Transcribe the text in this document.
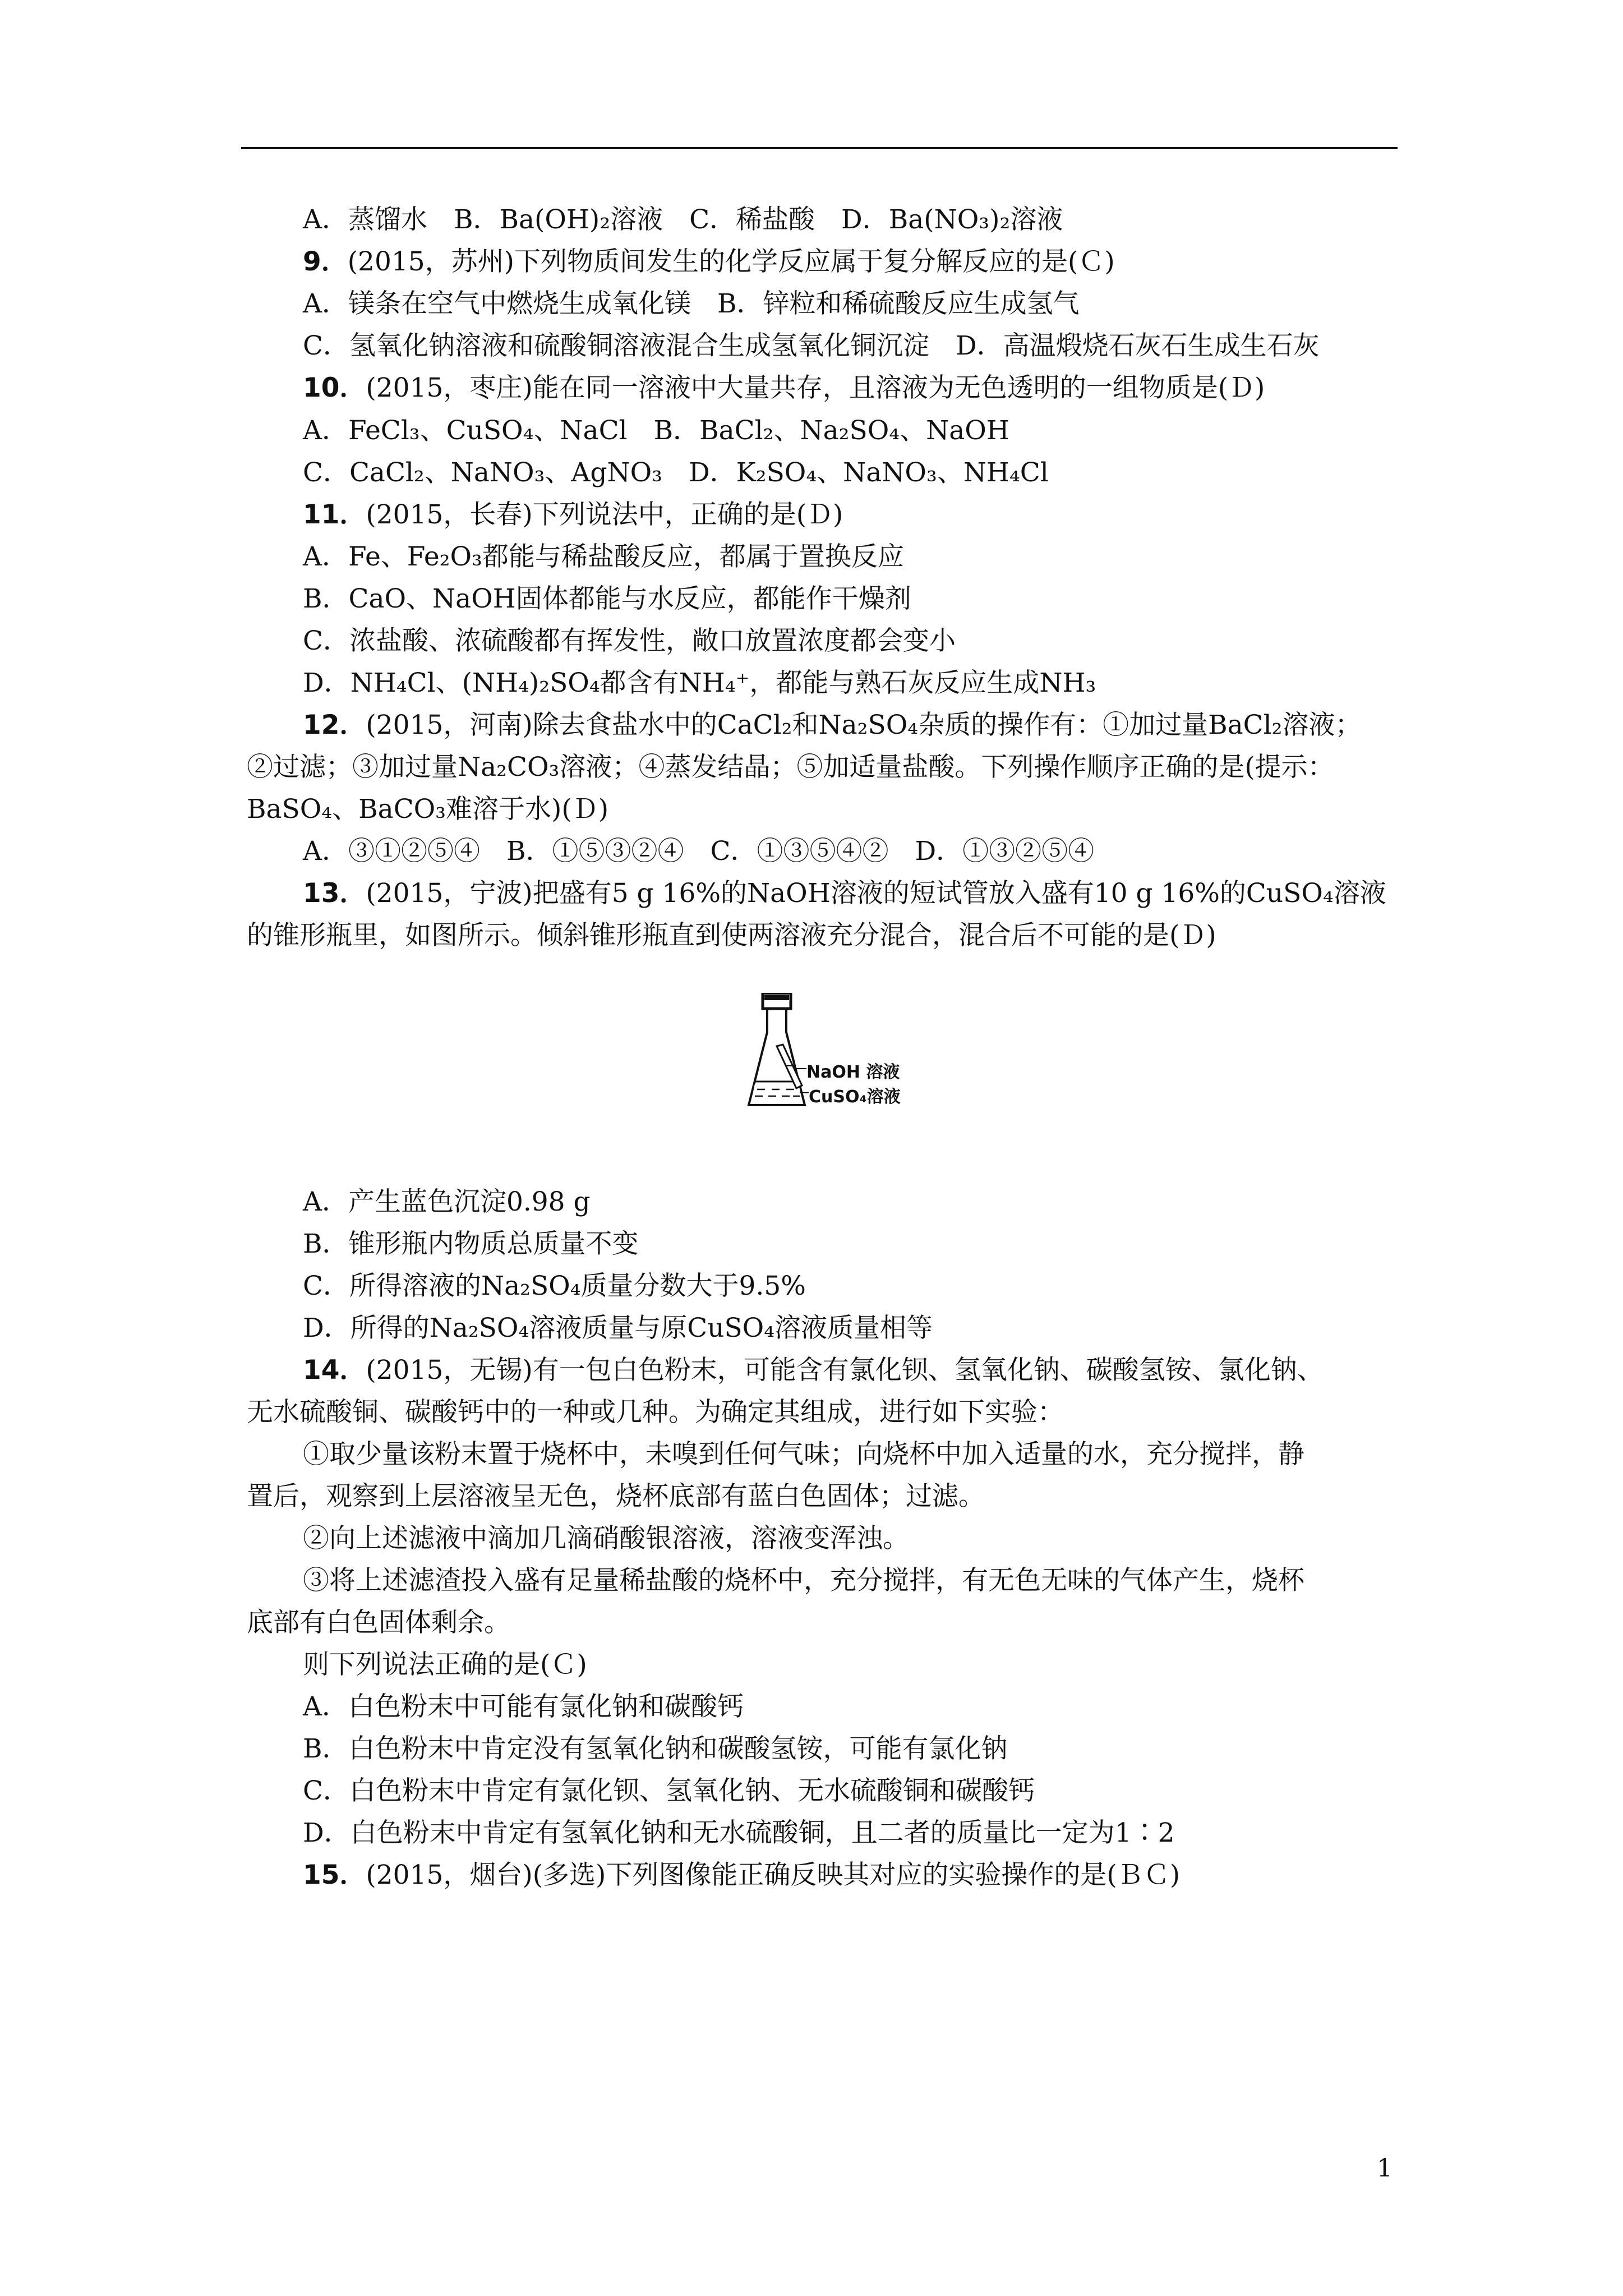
A．蒸馏水　B．Ba(OH)₂溶液　C．稀盐酸　D．Ba(NO₃)₂溶液
9．(2015，苏州)下列物质间发生的化学反应属于复分解反应的是(Ｃ)
A．镁条在空气中燃烧生成氧化镁　B．锌粒和稀硫酸反应生成氢气
C．氢氧化钠溶液和硫酸铜溶液混合生成氢氧化铜沉淀　D．高温煅烧石灰石生成生石灰
10．(2015，枣庄)能在同一溶液中大量共存，且溶液为无色透明的一组物质是(Ｄ)
A．FeCl₃、CuSO₄、NaCl　B．BaCl₂、Na₂SO₄、NaOH
C．CaCl₂、NaNO₃、AgNO₃　D．K₂SO₄、NaNO₃、NH₄Cl
11．(2015，长春)下列说法中，正确的是(Ｄ)
A．Fe、Fe₂O₃都能与稀盐酸反应，都属于置换反应
B．CaO、NaOH固体都能与水反应，都能作干燥剂
C．浓盐酸、浓硫酸都有挥发性，敞口放置浓度都会变小
D．NH₄Cl、(NH₄)₂SO₄都含有NH₄⁺，都能与熟石灰反应生成NH₃
12．(2015，河南)除去食盐水中的CaCl₂和Na₂SO₄杂质的操作有：①加过量BaCl₂溶液；
②过滤；③加过量Na₂CO₃溶液；④蒸发结晶；⑤加适量盐酸。下列操作顺序正确的是(提示：
BaSO₄、BaCO₃难溶于水)(Ｄ)
A．③①②⑤④　B．①⑤③②④　C．①③⑤④②　D．①③②⑤④
13．(2015，宁波)把盛有5 g 16%的NaOH溶液的短试管放入盛有10 g 16%的CuSO₄溶液
的锥形瓶里，如图所示。倾斜锥形瓶直到使两溶液充分混合，混合后不可能的是(Ｄ)
NaOH 溶液
CuSO₄溶液
A．产生蓝色沉淀0.98 g
B．锥形瓶内物质总质量不变
C．所得溶液的Na₂SO₄质量分数大于9.5%
D．所得的Na₂SO₄溶液质量与原CuSO₄溶液质量相等
14．(2015，无锡)有一包白色粉末，可能含有氯化钡、氢氧化钠、碳酸氢铵、氯化钠、
无水硫酸铜、碳酸钙中的一种或几种。为确定其组成，进行如下实验：
①取少量该粉末置于烧杯中，未嗅到任何气味；向烧杯中加入适量的水，充分搅拌，静
置后，观察到上层溶液呈无色，烧杯底部有蓝白色固体；过滤。
②向上述滤液中滴加几滴硝酸银溶液，溶液变浑浊。
③将上述滤渣投入盛有足量稀盐酸的烧杯中，充分搅拌，有无色无味的气体产生，烧杯
底部有白色固体剩余。
则下列说法正确的是(Ｃ)
A．白色粉末中可能有氯化钠和碳酸钙
B．白色粉末中肯定没有氢氧化钠和碳酸氢铵，可能有氯化钠
C．白色粉末中肯定有氯化钡、氢氧化钠、无水硫酸铜和碳酸钙
D．白色粉末中肯定有氢氧化钠和无水硫酸铜，且二者的质量比一定为1∶2
15．(2015，烟台)(多选)下列图像能正确反映其对应的实验操作的是(ＢＣ)
1
